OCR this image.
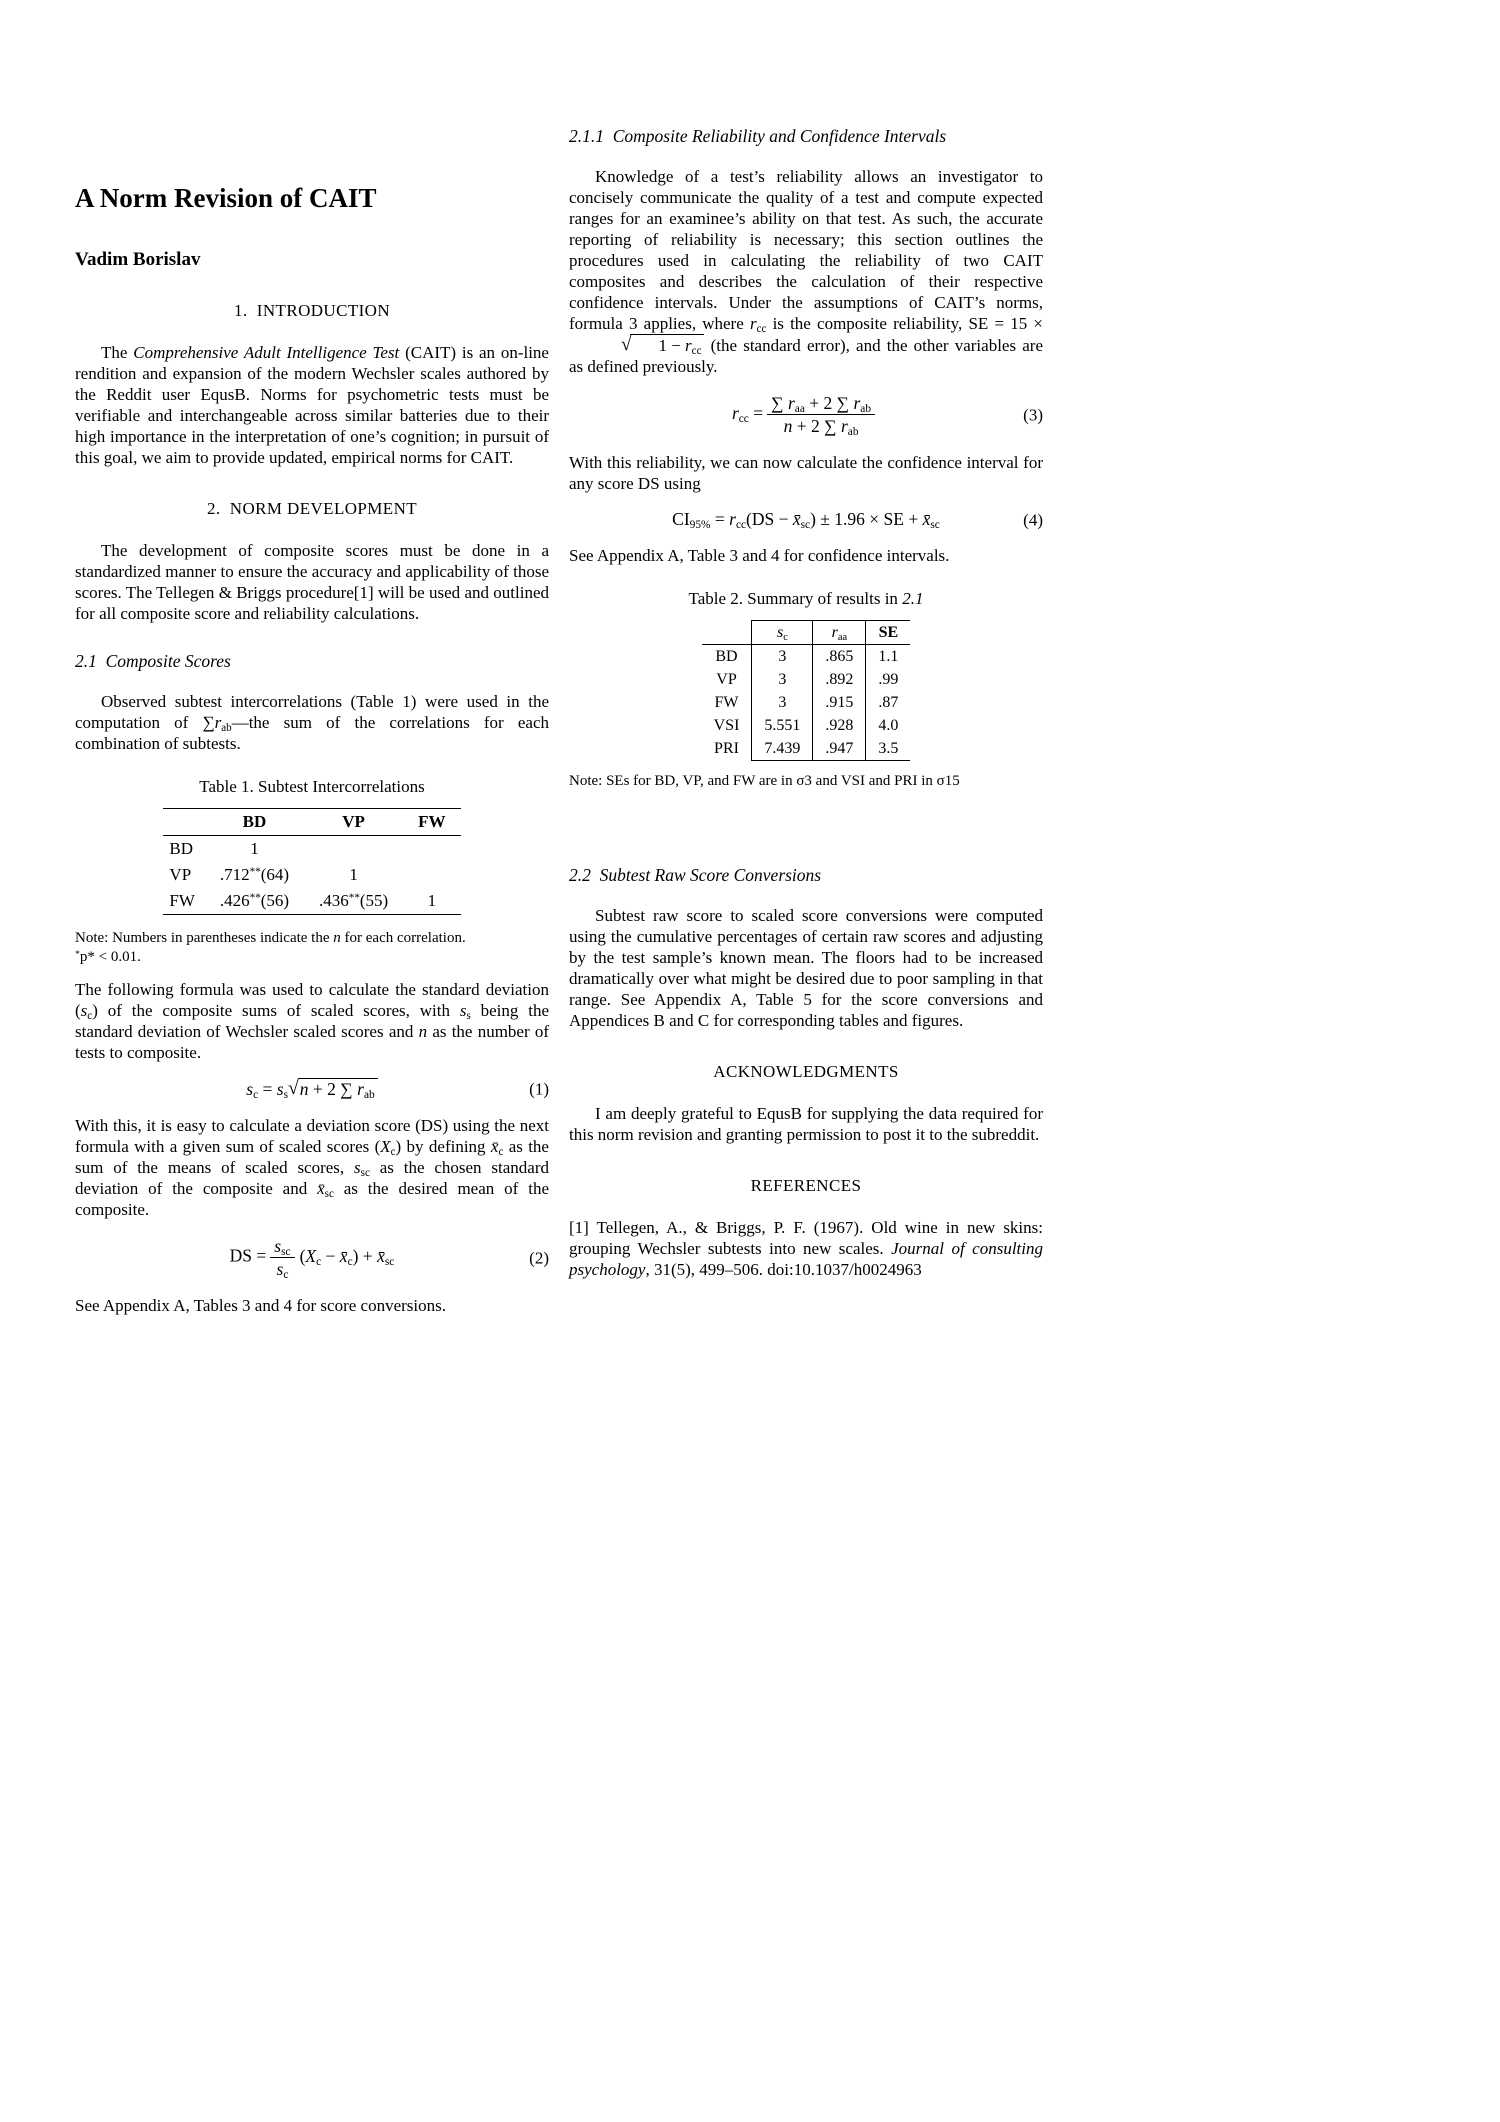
A Norm Revision of CAIT
Vadim Borislav
1.  INTRODUCTION

The Comprehensive Adult Intelligence Test (CAIT) is an on-line rendition and expansion of the modern Wechsler scales authored by the Reddit user EqusB. Norms for psychometric tests must be verifiable and interchangeable across similar batteries due to their high importance in the interpretation of one’s cognition; in pursuit of this goal, we aim to provide updated, empirical norms for CAIT.

2.  NORM DEVELOPMENT

The development of composite scores must be done in a standardized manner to ensure the accuracy and applicability of those scores. The Tellegen & Briggs procedure[1] will be used and outlined for all composite score and reliability calculations.

2.1  Composite Scores

Observed subtest intercorrelations (Table 1) were used in the computation of $\sum r_{ab}—the$ sum of the correlations for each combination of subtests.

Table 1. Subtest Intercorrelations
	BD	VP	FW
BD	1		
VP	.712**(64)	1	
FW	.426**(56)	.436**(55)	1
Note: Numbers in parentheses indicate the n for each correlation.
*p* < 0.01.

The following formula was used to calculate the standard deviation $(s_c)$ of the composite sums of scaled scores, with $s_s$ being the standard deviation of Wechsler scaled scores and n as the number of tests to composite.

$s_c = s_s√n + 2$ ∑ $r_{ab}$	(1)

With this, it is easy to calculate a deviation score (DS) using the next formula with a given sum of scaled scores $(X_c)$ by defining $x̄_c$ as the sum of the means of scaled scores, $s_{sc}$ as the chosen standard deviation of the composite and $x̄_{sc}$ as the desired mean of the composite.

DS = $\frac{s_{sc}}{s_c} (X_c$ − $x̄_c$) + $x̄_{sc}$	(2)

See Appendix A, Tables 3 and 4 for score conversions.

2.1.1  Composite Reliability and Confidence Intervals

Knowledge of a test’s reliability allows an investigator to concisely communicate the quality of a test and compute expected ranges for an examinee’s ability on that test. As such, the accurate reporting of reliability is necessary; this section outlines the procedures used in calculating the reliability of two CAIT composites and describes the calculation of their respective confidence intervals. Under the assumptions of CAIT’s norms, formula 3 applies, where $r_{cc}$ is the composite reliability, SE = 15 × √ $1 - r_{cc}$ (the standard error), and the other variables are as defined previously.

$r_{cc} = \frac{\sum r_{aa} + 2 \sum r_{ab}}{n + 2 \sum r_{ab}}$	(3)

With this reliability, we can now calculate the confidence interval for any score DS using

$CI_{95\%} = r_{cc}(DS$ − $x̄_{sc}) \pm 1.96$ × SE + $x̄_{sc}$	(4)

See Appendix A, Table 3 and 4 for confidence intervals.

Table 2. Summary of results in 2.1
	$s_c$	$r_{aa}$	SE
BD	3	.865	1.1
VP	3	.892	.99
FW	3	.915	.87
VSI	5.551	.928	4.0
PRI	7.439	.947	3.5
Note: SEs for BD, VP, and FW are in σ3 and VSI and PRI in σ15
2.2  Subtest Raw Score Conversions

Subtest raw score to scaled score conversions were computed using the cumulative percentages of certain raw scores and adjusting by the test sample’s known mean. The floors had to be increased dramatically over what might be desired due to poor sampling in that range. See Appendix A, Table 5 for the score conversions and Appendices B and C for corresponding tables and figures.

ACKNOWLEDGMENTS

I am deeply grateful to EqusB for supplying the data required for this norm revision and granting permission to post it to the subreddit.

REFERENCES

[1] Tellegen, A., & Briggs, P. F. (1967). Old wine in new skins: grouping Wechsler subtests into new scales. Journal of consulting psychology, 31(5), 499–506. doi:10.1037/h0024963
